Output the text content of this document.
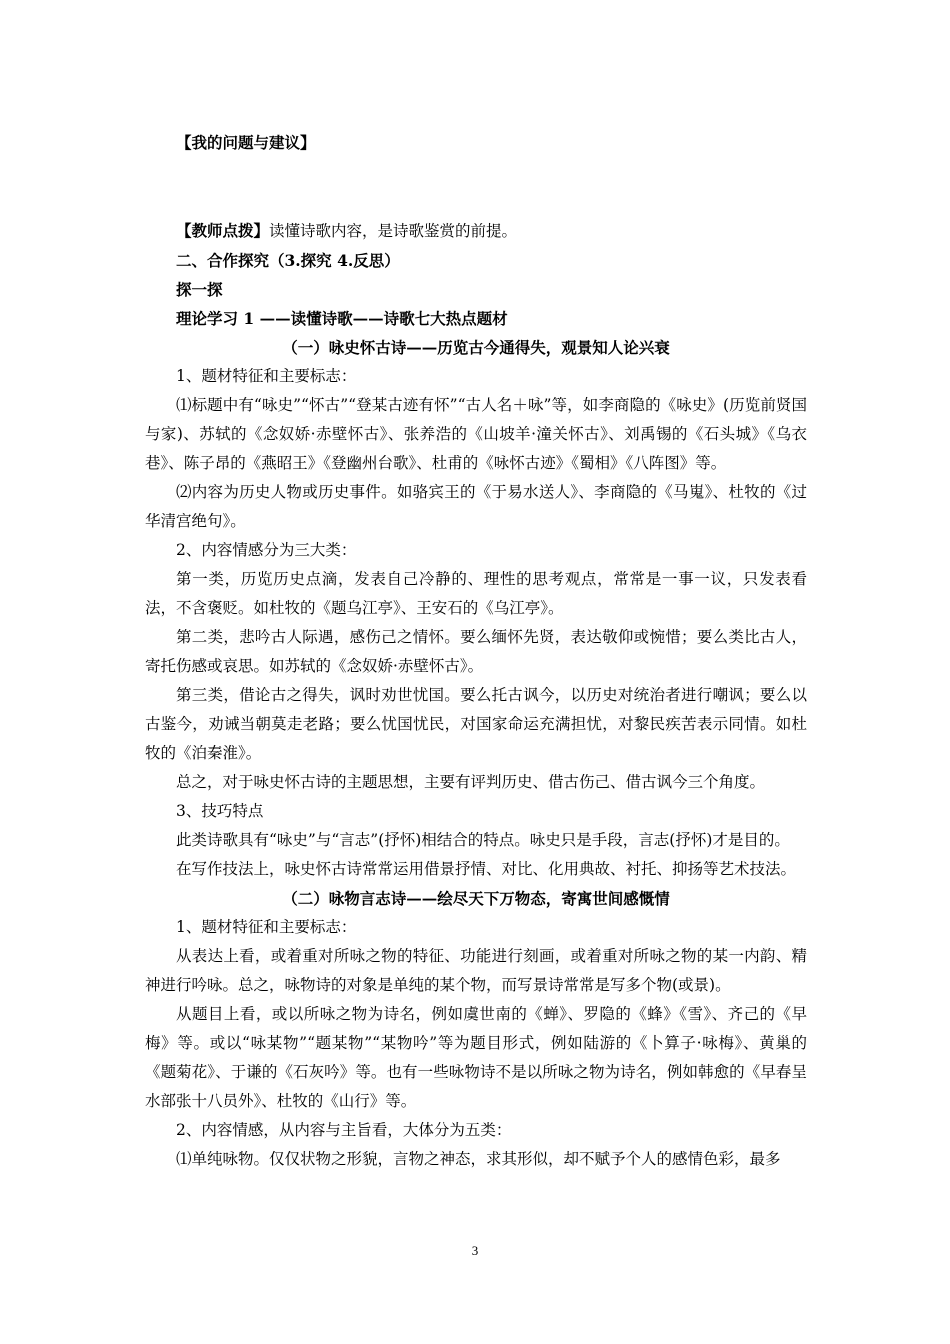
【我的问题与建议】

【教师点拨】读懂诗歌内容，是诗歌鉴赏的前提。

二、合作探究（3.探究 4.反思）

探一探

理论学习 1 ——读懂诗歌——诗歌七大热点题材

（一）咏史怀古诗——历览古今通得失，观景知人论兴衰

1、题材特征和主要标志：

⑴标题中有“咏史”“怀古”“登某古迹有怀”“古人名＋咏”等，如李商隐的《咏史》(历览前贤国与家)、苏轼的《念奴娇·赤壁怀古》、张养浩的《山坡羊·潼关怀古》、刘禹锡的《石头城》《乌衣巷》、陈子昂的《燕昭王》《登幽州台歌》、杜甫的《咏怀古迹》《蜀相》《八阵图》等。

⑵内容为历史人物或历史事件。如骆宾王的《于易水送人》、李商隐的《马嵬》、杜牧的《过华清宫绝句》。

2、内容情感分为三大类：

第一类，历览历史点滴，发表自己冷静的、理性的思考观点，常常是一事一议，只发表看法，不含褒贬。如杜牧的《题乌江亭》、王安石的《乌江亭》。

第二类，悲吟古人际遇，感伤己之情怀。要么缅怀先贤，表达敬仰或惋惜；要么类比古人，寄托伤感或哀思。如苏轼的《念奴娇·赤壁怀古》。

第三类，借论古之得失，讽时劝世忧国。要么托古讽今，以历史对统治者进行嘲讽；要么以古鉴今，劝诫当朝莫走老路；要么忧国忧民，对国家命运充满担忧，对黎民疾苦表示同情。如杜牧的《泊秦淮》。

总之，对于咏史怀古诗的主题思想，主要有评判历史、借古伤己、借古讽今三个角度。

3、技巧特点

此类诗歌具有“咏史”与“言志”(抒怀)相结合的特点。咏史只是手段，言志(抒怀)才是目的。

在写作技法上，咏史怀古诗常常运用借景抒情、对比、化用典故、衬托、抑扬等艺术技法。

（二）咏物言志诗——绘尽天下万物态，寄寓世间感慨情

1、题材特征和主要标志：

从表达上看，或着重对所咏之物的特征、功能进行刻画，或着重对所咏之物的某一内韵、精神进行吟咏。总之，咏物诗的对象是单纯的某个物，而写景诗常常是写多个物(或景)。

从题目上看，或以所咏之物为诗名，例如虞世南的《蝉》、罗隐的《蜂》《雪》、齐己的《早梅》等。或以“咏某物”“题某物”“某物吟”等为题目形式，例如陆游的《卜算子·咏梅》、黄巢的《题菊花》、于谦的《石灰吟》等。也有一些咏物诗不是以所咏之物为诗名，例如韩愈的《早春呈水部张十八员外》、杜牧的《山行》等。

2、内容情感，从内容与主旨看，大体分为五类：

⑴单纯咏物。仅仅状物之形貌，言物之神态，求其形似，却不赋予个人的感情色彩，最多

3
